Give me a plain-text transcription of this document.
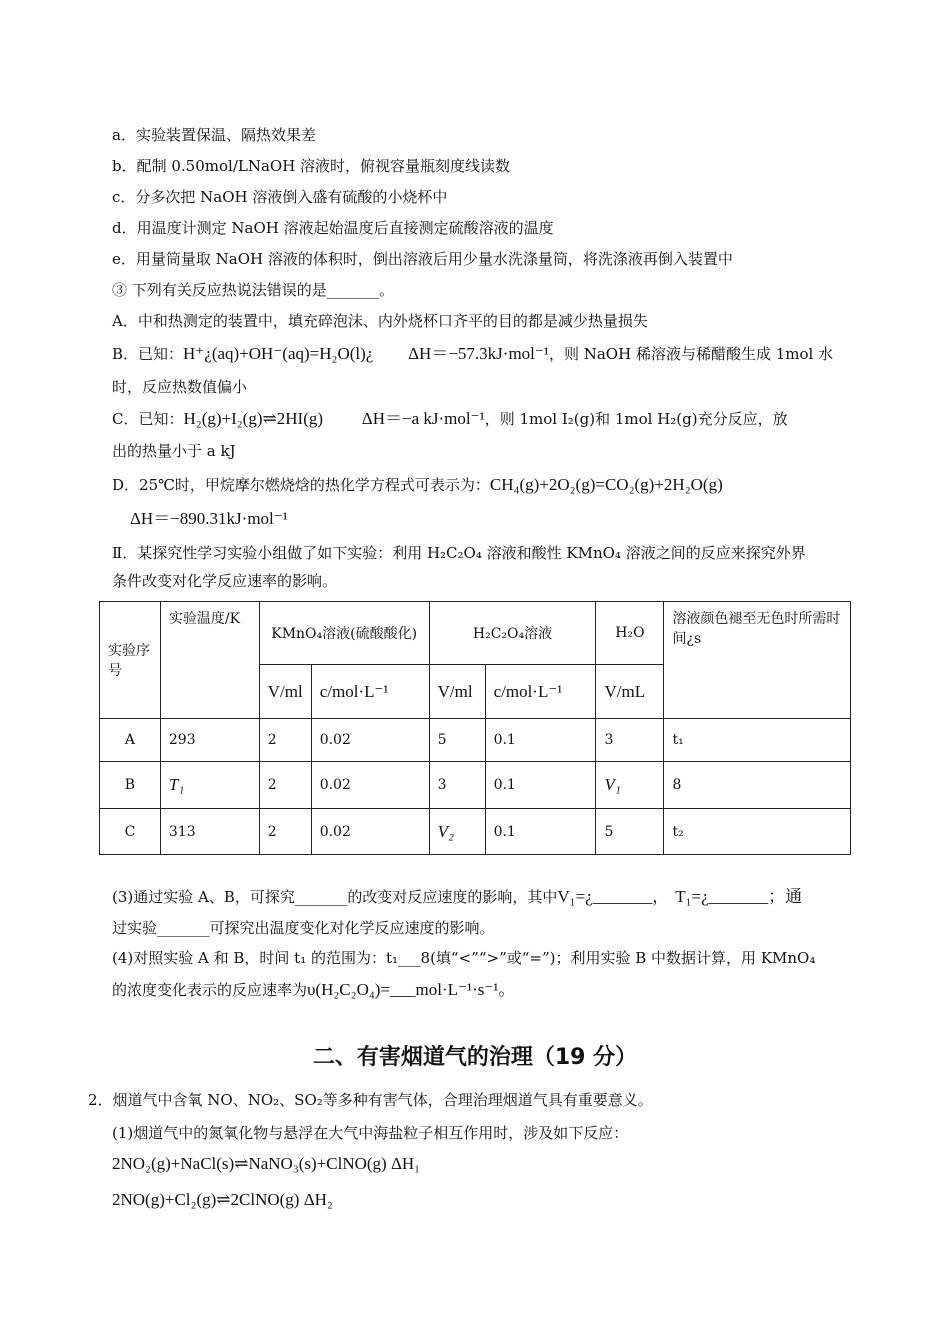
a．实验装置保温、隔热效果差
b．配制 0.50mol/LNaOH 溶液时，俯视容量瓶刻度线读数
c．分多次把 NaOH 溶液倒入盛有硫酸的小烧杯中
d．用温度计测定 NaOH 溶液起始温度后直接测定硫酸溶液的温度
e．用量筒量取 NaOH 溶液的体积时，倒出溶液后用少量水洗涤量筒，将洗涤液再倒入装置中
③ 下列有关反应热说法错误的是_______。
A．中和热测定的装置中，填充碎泡沫、内外烧杯口齐平的目的都是减少热量损失
B．已知：H⁺¿(aq)+OH⁻(aq)=H₂O(l)¿ ΔH＝−57.3kJ·mol⁻¹，则 NaOH 稀溶液与稀醋酸生成 1mol 水
时，反应热数值偏小
C．已知：H₂(g)+I₂(g)⇌2HI(g) ΔH＝−a kJ·mol⁻¹，则 1mol I₂(g)和 1mol H₂(g)充分反应，放
出的热量小于 a kJ
D．25℃时，甲烷摩尔燃烧焓的热化学方程式可表示为：CH₄(g)+2O₂(g)=CO₂(g)+2H₂O(g)
ΔH＝−890.31kJ·mol⁻¹
Ⅱ．某探究性学习实验小组做了如下实验：利用 H₂C₂O₄ 溶液和酸性 KMnO₄ 溶液之间的反应来探究外界
条件改变对化学反应速率的影响。
实验序号	实验温度/K	KMnO₄溶液(硫酸酸化)		H₂C₂O₄溶液		H₂O	溶液颜色褪至无色时所需时间¿s
		V/ml	c/mol·L⁻¹	V/ml	c/mol·L⁻¹	V/mL	
A	293	2	0.02	5	0.1	3	t₁
B	T₁	2	0.02	3	0.1	V₁	8
C	313	2	0.02	V₂	0.1	5	t₂
(3)通过实验 A、B，可探究_______的改变对反应速度的影响，其中V₁=¿_______， T₁=¿_______；通
过实验_______可探究出温度变化对化学反应速度的影响。
(4)对照实验 A 和 B，时间 t₁ 的范围为：t₁___8(填“<”“>”或“=”)；利用实验 B 中数据计算，用 KMnO₄
的浓度变化表示的反应速率为υ(H₂C₂O₄)=___mol·L⁻¹·s⁻¹。
二、有害烟道气的治理（19 分）
2．烟道气中含氧 NO、NO₂、SO₂等多种有害气体，合理治理烟道气具有重要意义。
(1)烟道气中的氮氧化物与悬浮在大气中海盐粒子相互作用时，涉及如下反应：
2NO₂(g)+NaCl(s)⇌NaNO₃(s)+ClNO(g) ΔH₁
2NO(g)+Cl₂(g)⇌2ClNO(g) ΔH₂
